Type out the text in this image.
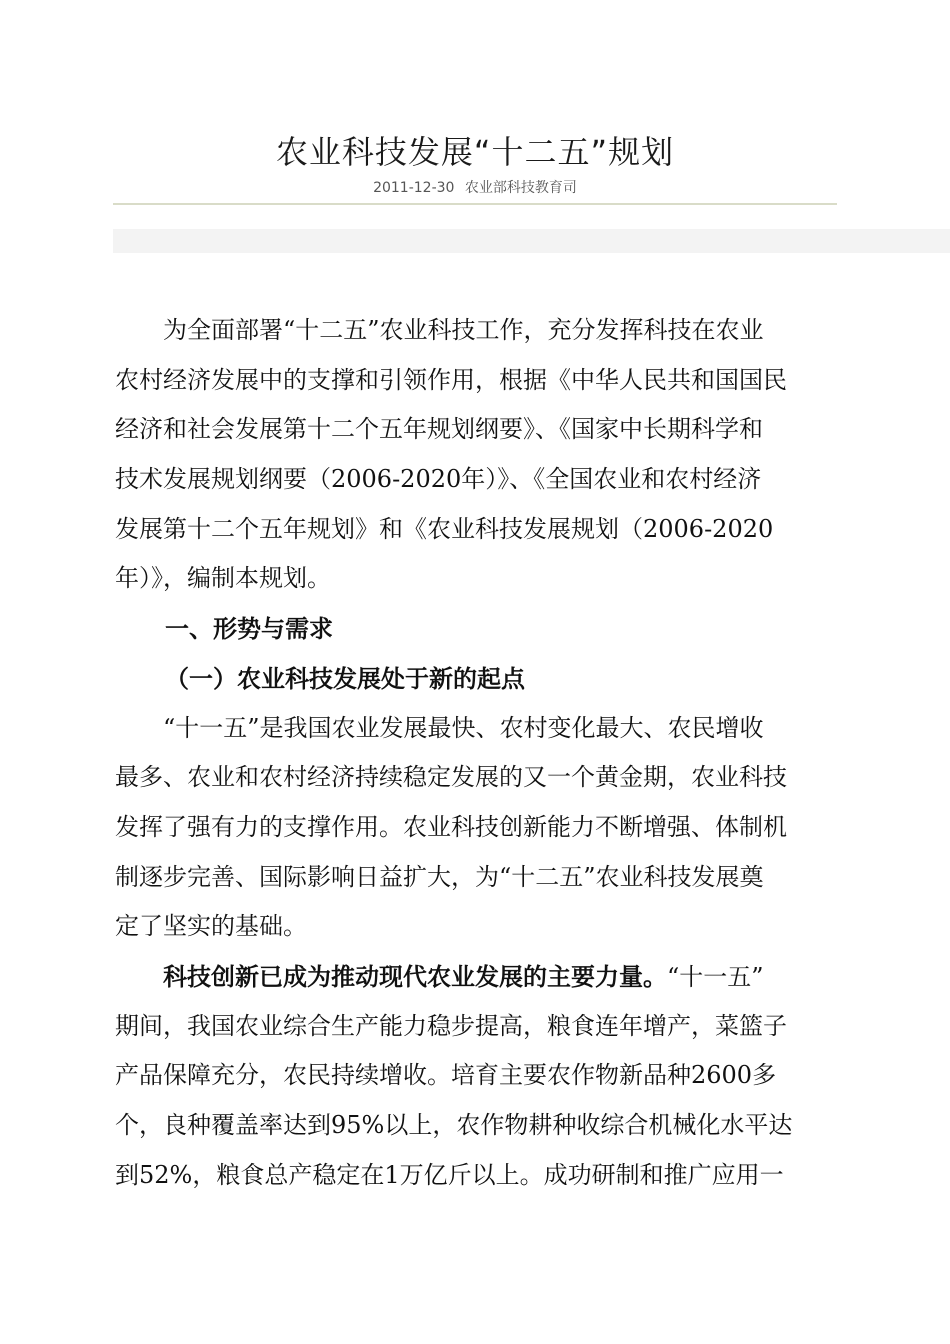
农业科技发展“十二五”规划
2011-12-30 农业部科技教育司
为全面部署“十二五”农业科技工作，充分发挥科技在农业
农村经济发展中的支撑和引领作用，根据《中华人民共和国国民
经济和社会发展第十二个五年规划纲要》、《国家中长期科学和
技术发展规划纲要（2006-2020年）》、《全国农业和农村经济
发展第十二个五年规划》和《农业科技发展规划（2006-2020
年）》，编制本规划。
一、形势与需求
（一）农业科技发展处于新的起点
“十一五”是我国农业发展最快、农村变化最大、农民增收
最多、农业和农村经济持续稳定发展的又一个黄金期，农业科技
发挥了强有力的支撑作用。农业科技创新能力不断增强、体制机
制逐步完善、国际影响日益扩大，为“十二五”农业科技发展奠
定了坚实的基础。
科技创新已成为推动现代农业发展的主要力量。“十一五”
期间，我国农业综合生产能力稳步提高，粮食连年增产，菜篮子
产品保障充分，农民持续增收。培育主要农作物新品种2600多
个，良种覆盖率达到95%以上，农作物耕种收综合机械化水平达
到52%，粮食总产稳定在1万亿斤以上。成功研制和推广应用一
